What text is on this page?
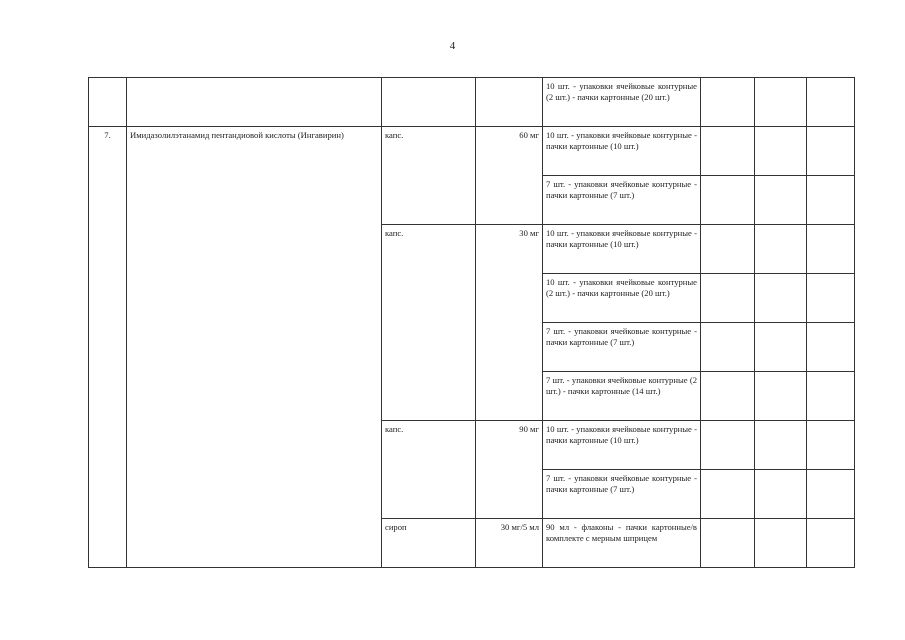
4
				10 шт. - упаковки ячейковые контурные (2 шт.) - пачки картонные (20 шт.)			
7.	Имидазолилэтанамид пентандиовой кислоты (Ингавирин)	капс.	60 мг	10 шт. - упаковки ячейковые контурные - пачки картонные (10 шт.)			
				7 шт. - упаковки ячейковые контурные - пачки картонные (7 шт.)			
		капс.	30 мг	10 шт. - упаковки ячейковые контурные - пачки картонные (10 шт.)			
				10 шт. - упаковки ячейковые контурные (2 шт.) - пачки картонные (20 шт.)			
				7 шт. - упаковки ячейковые контурные - пачки картонные (7 шт.)			
				7 шт. - упаковки ячейковые контурные (2 шт.) - пачки картонные (14 шт.)			
		капс.	90 мг	10 шт. - упаковки ячейковые контурные - пачки картонные (10 шт.)			
				7 шт. - упаковки ячейковые контурные - пачки картонные (7 шт.)			
		сироп	30 мг/5 мл	90 мл - флаконы - пачки картонные/в комплекте с мерным шприцем			
